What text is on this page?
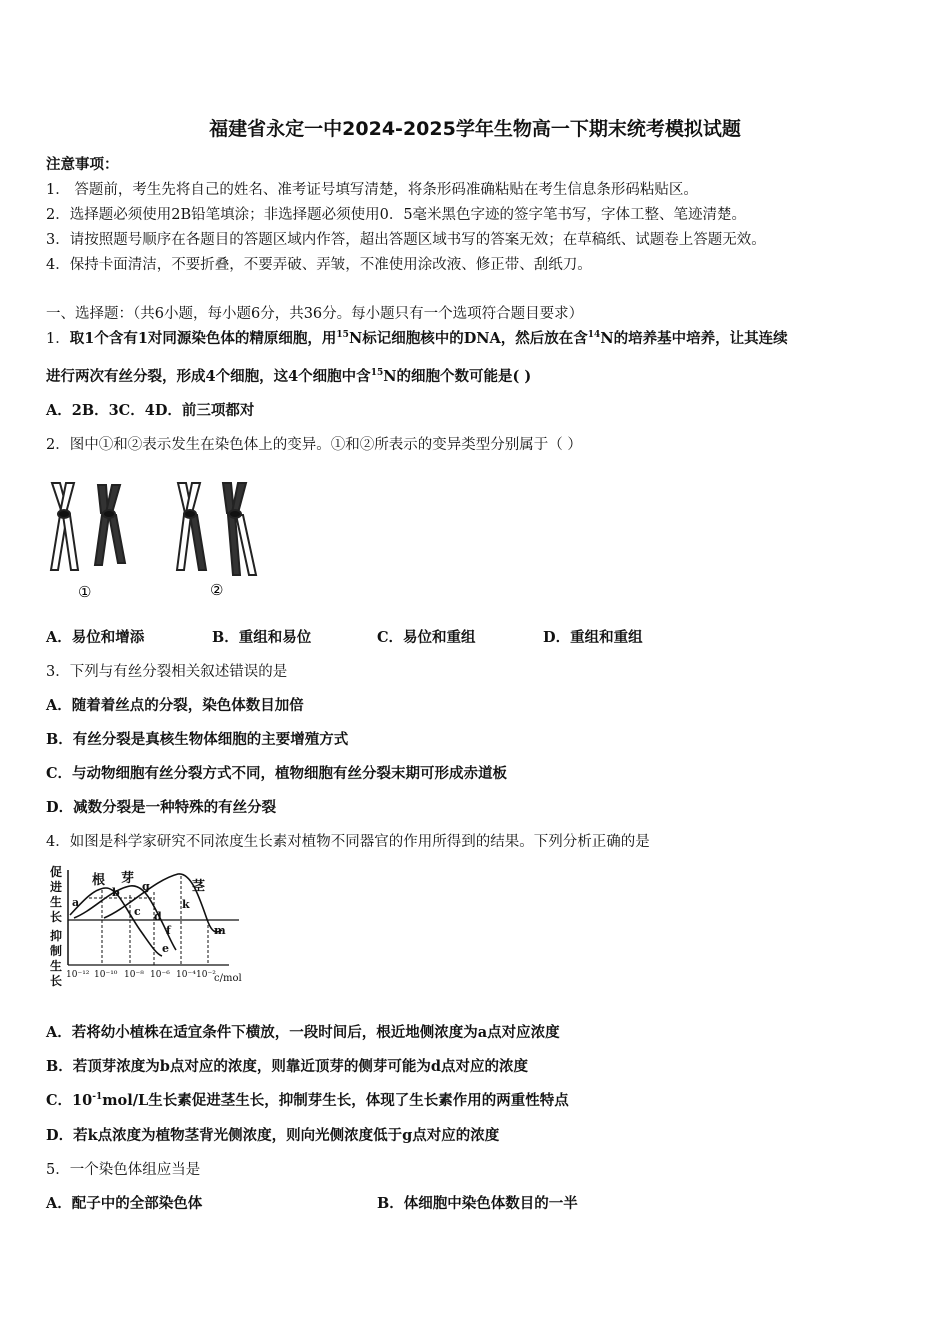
福建省永定一中2024-2025学年生物高一下期末统考模拟试题
注意事项：
1． 答题前，考生先将自己的姓名、准考证号填写清楚，将条形码准确粘贴在考生信息条形码粘贴区。
2．选择题必须使用2B铅笔填涂；非选择题必须使用0．5毫米黑色字迹的签字笔书写，字体工整、笔迹清楚。
3．请按照题号顺序在各题目的答题区域内作答，超出答题区域书写的答案无效；在草稿纸、试题卷上答题无效。
4．保持卡面清洁，不要折叠，不要弄破、弄皱，不准使用涂改液、修正带、刮纸刀。
一、选择题：（共6小题，每小题6分，共36分。每小题只有一个选项符合题目要求）
1．取1个含有1对同源染色体的精原细胞，用$^{15}$N标记细胞核中的DNA，然后放在含$^{14}$N的培养基中培养，让其连续
进行两次有丝分裂，形成4个细胞，这4个细胞中含$^{15}$N的细胞个数可能是( )
A．2B．3C．4D．前三项都对
2．图中①和②表示发生在染色体上的变异。①和②所表示的变异类型分别属于（ ）
①	②
A．易位和增添	B．重组和易位	C．易位和重组	D．重组和重组
3．下列与有丝分裂相关叙述错误的是
A．随着着丝点的分裂，染色体数目加倍
B．有丝分裂是真核生物体细胞的主要增殖方式
C．与动物细胞有丝分裂方式不同，植物细胞有丝分裂末期可形成赤道板
D．减数分裂是一种特殊的有丝分裂
4．如图是科学家研究不同浓度生长素对植物不同器官的作用所得到的结果。下列分析正确的是
促
进
生
长
抑
制
生
长
根 芽
茎
a
b
c d
e
f
g
k
m
10⁻¹² 10⁻¹⁰ 10⁻⁸ 10⁻⁶ 10⁻⁴ 10⁻²
c/mol
A．若将幼小植株在适宜条件下横放，一段时间后，根近地侧浓度为a点对应浓度
B．若顶芽浓度为b点对应的浓度，则靠近顶芽的侧芽可能为d点对应的浓度
C．$10^{-1}mol/L$生长素促进茎生长，抑制芽生长，体现了生长素作用的两重性特点
D．若k点浓度为植物茎背光侧浓度，则向光侧浓度低于g点对应的浓度
5．一个染色体组应当是
A．配子中的全部染色体	B．体细胞中染色体数目的一半
